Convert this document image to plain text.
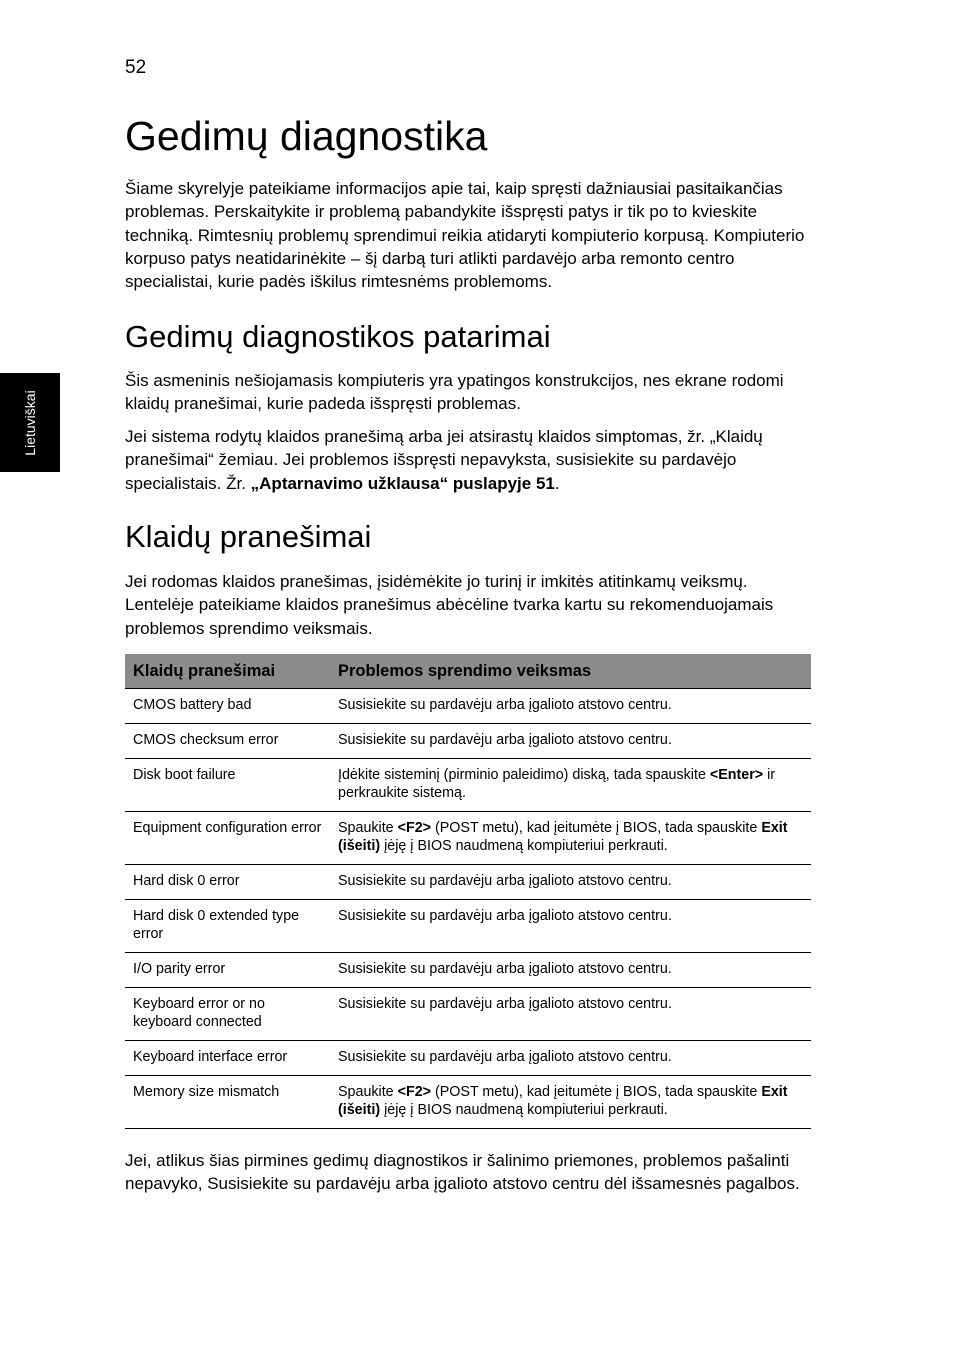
52
Lietuviškai
Gedimų diagnostika

Šiame skyrelyje pateikiame informacijos apie tai, kaip spręsti dažniausiai pasitaikančias problemas. Perskaitykite ir problemą pabandykite išspręsti patys ir tik po to kvieskite techniką. Rimtesnių problemų sprendimui reikia atidaryti kompiuterio korpusą. Kompiuterio korpuso patys neatidarinėkite – šį darbą turi atlikti pardavėjo arba remonto centro specialistai, kurie padės iškilus rimtesnėms problemoms.

Gedimų diagnostikos patarimai

Šis asmeninis nešiojamasis kompiuteris yra ypatingos konstrukcijos, nes ekrane rodomi klaidų pranešimai, kurie padeda išspręsti problemas.

Jei sistema rodytų klaidos pranešimą arba jei atsirastų klaidos simptomas, žr. „Klaidų pranešimai“ žemiau. Jei problemos išspręsti nepavyksta, susisiekite su pardavėjo specialistais. Žr. „Aptarnavimo užklausa“ puslapyje 51.

Klaidų pranešimai

Jei rodomas klaidos pranešimas, įsidėmėkite jo turinį ir imkitės atitinkamų veiksmų. Lentelėje pateikiame klaidos pranešimus abėcėline tvarka kartu su rekomenduojamais problemos sprendimo veiksmais.

Klaidų pranešimai	Problemos sprendimo veiksmas
CMOS battery bad	Susisiekite su pardavėju arba įgalioto atstovo centru.
CMOS checksum error	Susisiekite su pardavėju arba įgalioto atstovo centru.
Disk boot failure	Įdėkite sisteminį (pirminio paleidimo) diską, tada spauskite <Enter> ir perkraukite sistemą.
Equipment configuration error	Spaukite <F2> (POST metu), kad įeitumėte į BIOS, tada spauskite Exit (išeiti) įėję į BIOS naudmeną kompiuteriui perkrauti.
Hard disk 0 error	Susisiekite su pardavėju arba įgalioto atstovo centru.
Hard disk 0 extended type error	Susisiekite su pardavėju arba įgalioto atstovo centru.
I/O parity error	Susisiekite su pardavėju arba įgalioto atstovo centru.
Keyboard error or no keyboard connected	Susisiekite su pardavėju arba įgalioto atstovo centru.
Keyboard interface error	Susisiekite su pardavėju arba įgalioto atstovo centru.
Memory size mismatch	Spaukite <F2> (POST metu), kad įeitumėte į BIOS, tada spauskite Exit (išeiti) įėję į BIOS naudmeną kompiuteriui perkrauti.

Jei, atlikus šias pirmines gedimų diagnostikos ir šalinimo priemones, problemos pašalinti nepavyko, Susisiekite su pardavėju arba įgalioto atstovo centru dėl išsamesnės pagalbos.
